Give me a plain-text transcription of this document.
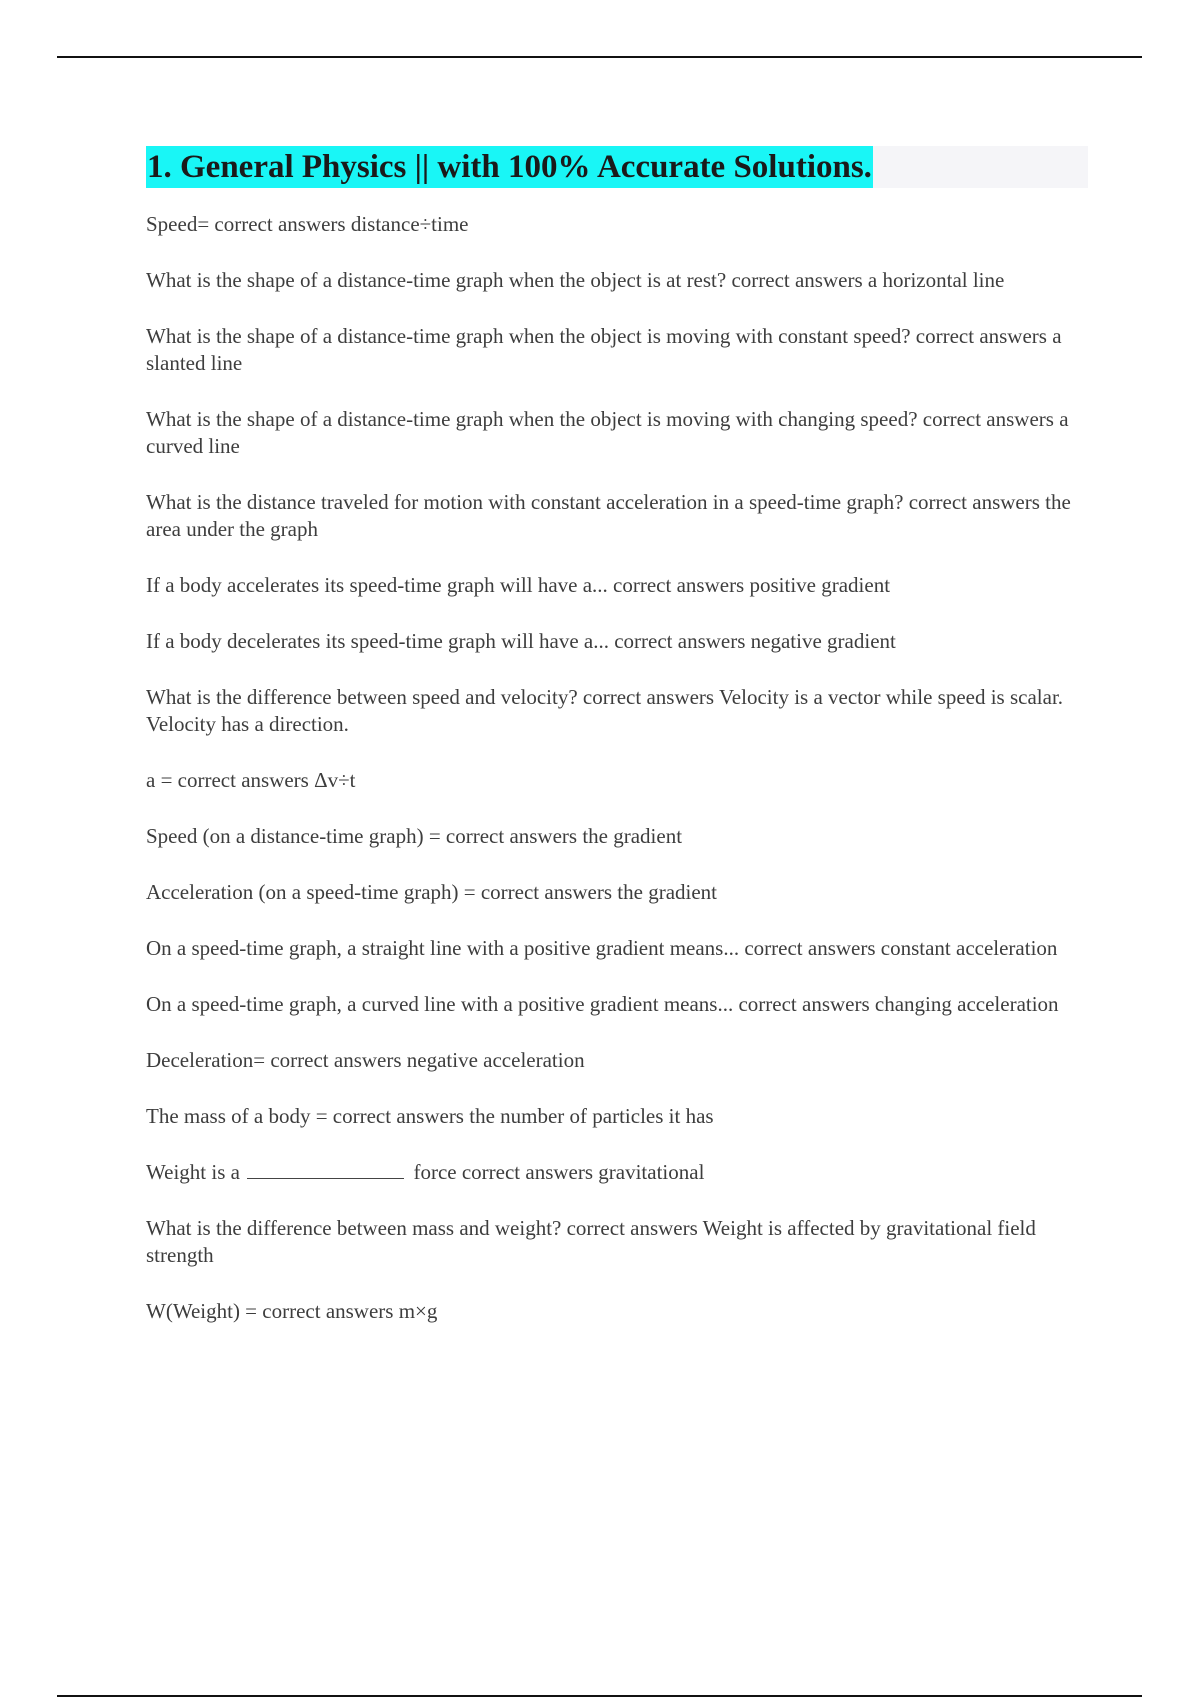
1. General Physics || with 100% Accurate Solutions.

Speed= correct answers distance÷time

What is the shape of a distance-time graph when the object is at rest? correct answers a horizontal line

What is the shape of a distance-time graph when the object is moving with constant speed? correct answers a slanted line

What is the shape of a distance-time graph when the object is moving with changing speed? correct answers a curved line

What is the distance traveled for motion with constant acceleration in a speed-time graph? correct answers the area under the graph

If a body accelerates its speed-time graph will have a... correct answers positive gradient

If a body decelerates its speed-time graph will have a... correct answers negative gradient

What is the difference between speed and velocity? correct answers Velocity is a vector while speed is scalar. Velocity has a direction.

a = correct answers Δv÷t

Speed (on a distance-time graph) = correct answers the gradient

Acceleration (on a speed-time graph) = correct answers the gradient

On a speed-time graph, a straight line with a positive gradient means... correct answers constant acceleration

On a speed-time graph, a curved line with a positive gradient means... correct answers changing acceleration

Deceleration= correct answers negative acceleration

The mass of a body = correct answers the number of particles it has

Weight is a	force correct answers gravitational

What is the difference between mass and weight? correct answers Weight is affected by gravitational field strength

W(Weight) = correct answers m×g
